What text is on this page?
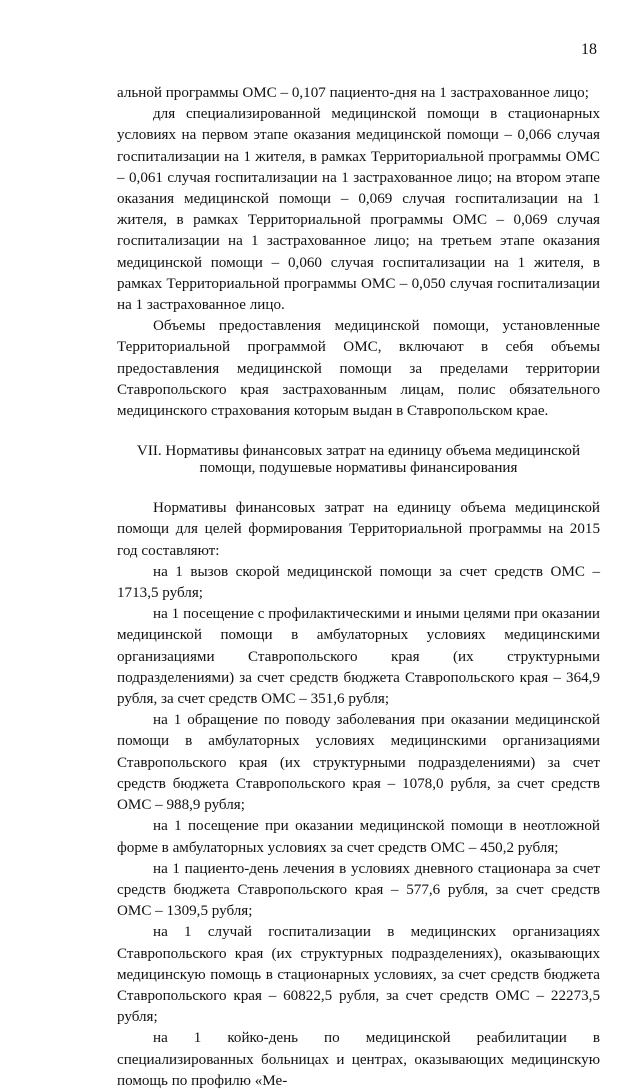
18

альной программы ОМС – 0,107 пациенто-дня на 1 застрахованное лицо;

для специализированной медицинской помощи в стационарных условиях на первом этапе оказания медицинской помощи – 0,066 случая госпитализации на 1 жителя, в рамках Территориальной программы ОМС – 0,061 случая госпитализации на 1 застрахованное лицо; на втором этапе оказания медицинской помощи – 0,069 случая госпитализации на 1 жителя, в рамках Территориальной программы ОМС – 0,069 случая госпитализации на 1 застрахованное лицо; на третьем этапе оказания медицинской помощи – 0,060 случая госпитализации на 1 жителя, в рамках Территориальной программы ОМС – 0,050 случая госпитализации на 1 застрахованное лицо.

Объемы предоставления медицинской помощи, установленные Территориальной программой ОМС, включают в себя объемы предоставления медицинской помощи за пределами территории Ставропольского края застрахованным лицам, полис обязательного медицинского страхования которым выдан в Ставропольском крае.

VII. Нормативы финансовых затрат на единицу объема медицинской помощи, подушевые нормативы финансирования

Нормативы финансовых затрат на единицу объема медицинской помощи для целей формирования Территориальной программы на 2015 год составляют:

на 1 вызов скорой медицинской помощи за счет средств ОМС – 1713,5 рубля;

на 1 посещение с профилактическими и иными целями при оказании медицинской помощи в амбулаторных условиях медицинскими организациями Ставропольского края (их структурными подразделениями) за счет средств бюджета Ставропольского края – 364,9 рубля, за счет средств ОМС – 351,6 рубля;

на 1 обращение по поводу заболевания при оказании медицинской помощи в амбулаторных условиях медицинскими организациями Ставропольского края (их структурными подразделениями) за счет средств бюджета Ставропольского края – 1078,0 рубля, за счет средств ОМС – 988,9 рубля;

на 1 посещение при оказании медицинской помощи в неотложной форме в амбулаторных условиях за счет средств ОМС – 450,2 рубля;

на 1 пациенто-день лечения в условиях дневного стационара за счет средств бюджета Ставропольского края – 577,6 рубля, за счет средств ОМС – 1309,5 рубля;

на 1 случай госпитализации в медицинских организациях Ставропольского края (их структурных подразделениях), оказывающих медицинскую помощь в стационарных условиях, за счет средств бюджета Ставропольского края – 60822,5 рубля, за счет средств ОМС – 22273,5 рубля;

на 1 койко-день по медицинской реабилитации в специализированных больницах и центрах, оказывающих медицинскую помощь по профилю «Ме-
